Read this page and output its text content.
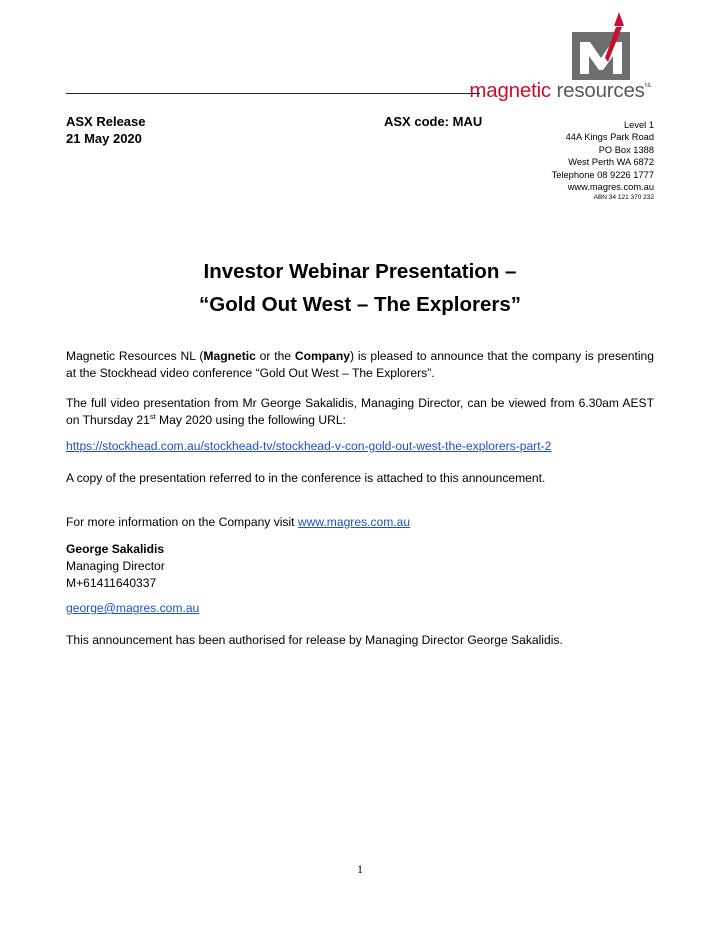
magnetic resources$^{NL}$
ASX Release
21 May 2020
ASX code: MAU	Level 1
44A Kings Park Road
PO Box 1388
West Perth WA 6872
Telephone 08 9226 1777
www.magres.com.au
ABN 34 121 370 232
Investor Webinar Presentation –
“Gold Out West – The Explorers”
Magnetic Resources NL (Magnetic or the Company) is pleased to announce that the company is presenting at the Stockhead video conference “Gold Out West – The Explorers”.
The full video presentation from Mr George Sakalidis, Managing Director, can be viewed from 6.30am AEST on Thursday 21st May 2020 using the following URL:
https://stockhead.com.au/stockhead-tv/stockhead-v-con-gold-out-west-the-explorers-part-2
A copy of the presentation referred to in the conference is attached to this announcement.
For more information on the Company visit www.magres.com.au
George Sakalidis
Managing Director
M+61411640337
george@magres.com.au
This announcement has been authorised for release by Managing Director George Sakalidis.
1
